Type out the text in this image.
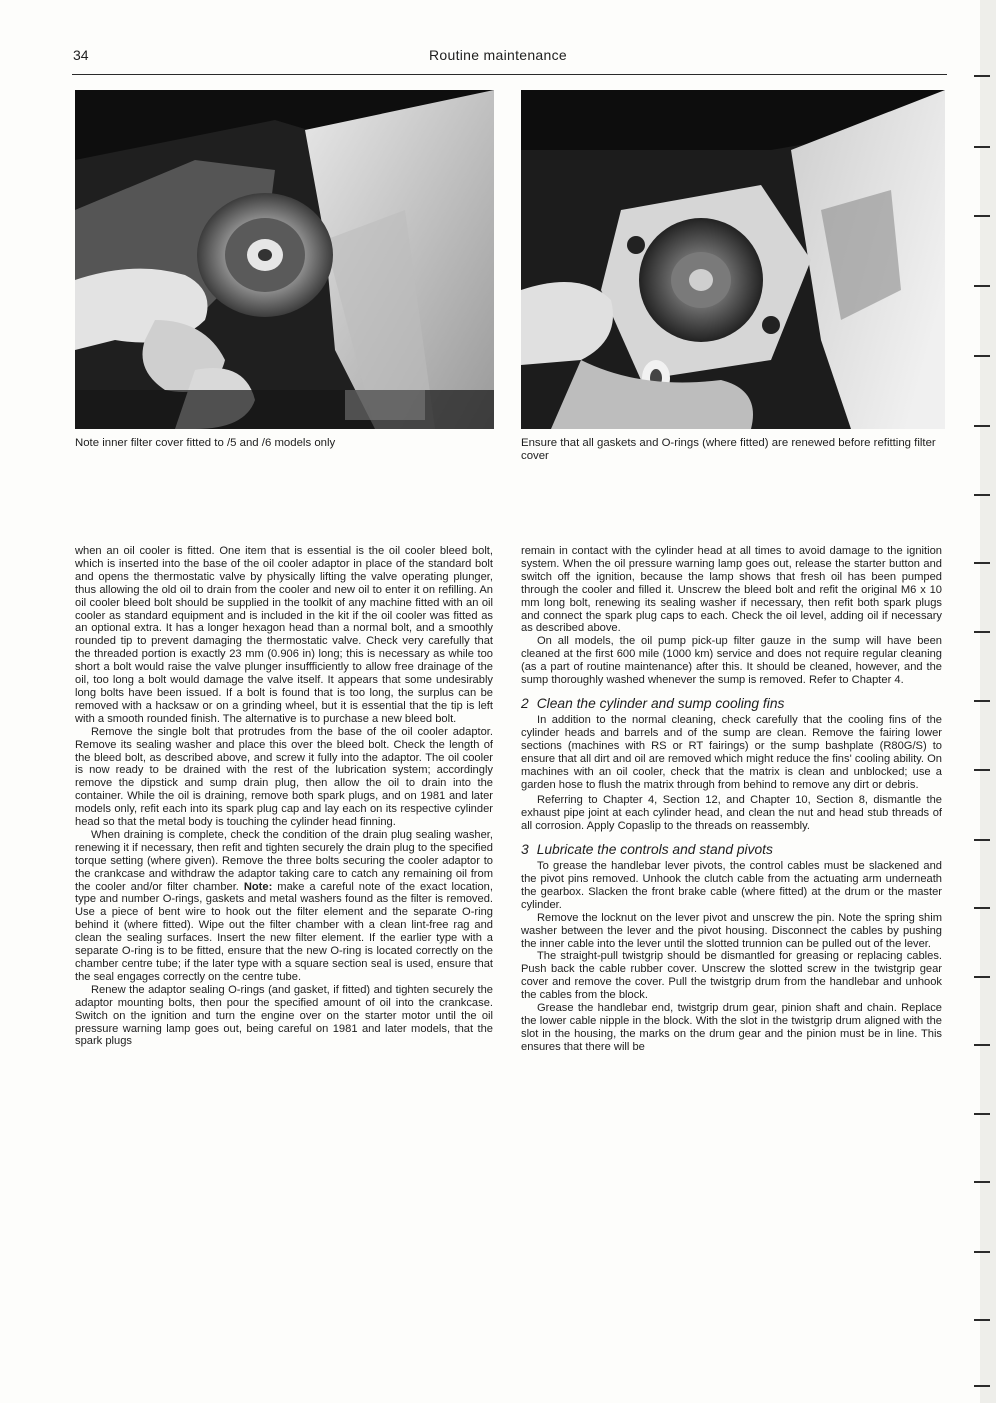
34	Routine maintenance
Note inner filter cover fitted to /5 and /6 models only	Ensure that all gaskets and O-rings (where fitted) are renewed before refitting filter cover

when an oil cooler is fitted. One item that is essential is the oil cooler bleed bolt, which is inserted into the base of the oil cooler adaptor in place of the standard bolt and opens the thermostatic valve by physically lifting the valve operating plunger, thus allowing the old oil to drain from the cooler and new oil to enter it on refilling. An oil cooler bleed bolt should be supplied in the toolkit of any machine fitted with an oil cooler as standard equipment and is included in the kit if the oil cooler was fitted as an optional extra. It has a longer hexagon head than a normal bolt, and a smoothly rounded tip to prevent damaging the thermostatic valve. Check very carefully that the threaded portion is exactly 23 mm (0.906 in) long; this is necessary as while too short a bolt would raise the valve plunger insuffficiently to allow free drainage of the oil, too long a bolt would damage the valve itself. It appears that some undesirably long bolts have been issued. If a bolt is found that is too long, the surplus can be removed with a hacksaw or on a grinding wheel, but it is essential that the tip is left with a smooth rounded finish. The alternative is to purchase a new bleed bolt.

Remove the single bolt that protrudes from the base of the oil cooler adaptor. Remove its sealing washer and place this over the bleed bolt. Check the length of the bleed bolt, as described above, and screw it fully into the adaptor. The oil cooler is now ready to be drained with the rest of the lubrication system; accordingly remove the dipstick and sump drain plug, then allow the oil to drain into the container. While the oil is draining, remove both spark plugs, and on 1981 and later models only, refit each into its spark plug cap and lay each on its respective cylinder head so that the metal body is touching the cylinder head finning.

When draining is complete, check the condition of the drain plug sealing washer, renewing it if necessary, then refit and tighten securely the drain plug to the specified torque setting (where given). Remove the three bolts securing the cooler adaptor to the crankcase and withdraw the adaptor taking care to catch any remaining oil from the cooler and/or filter chamber. Note: make a careful note of the exact location, type and number O-rings, gaskets and metal washers found as the filter is removed. Use a piece of bent wire to hook out the filter element and the separate O-ring behind it (where fitted). Wipe out the filter chamber with a clean lint-free rag and clean the sealing surfaces. Insert the new filter element. If the earlier type with a separate O-ring is to be fitted, ensure that the new O-ring is located correctly on the chamber centre tube; if the later type with a square section seal is used, ensure that the seal engages correctly on the centre tube.

Renew the adaptor sealing O-rings (and gasket, if fitted) and tighten securely the adaptor mounting bolts, then pour the specified amount of oil into the crankcase. Switch on the ignition and turn the engine over on the starter motor until the oil pressure warning lamp goes out, being careful on 1981 and later models, that the spark plugs

remain in contact with the cylinder head at all times to avoid damage to the ignition system. When the oil pressure warning lamp goes out, release the starter button and switch off the ignition, because the lamp shows that fresh oil has been pumped through the cooler and filled it. Unscrew the bleed bolt and refit the original M6 x 10 mm long bolt, renewing its sealing washer if necessary, then refit both spark plugs and connect the spark plug caps to each. Check the oil level, adding oil if necessary as described above.

On all models, the oil pump pick-up filter gauze in the sump will have been cleaned at the first 600 mile (1000 km) service and does not require regular cleaning (as a part of routine maintenance) after this. It should be cleaned, however, and the sump thoroughly washed whenever the sump is removed. Refer to Chapter 4.

2 Clean the cylinder and sump cooling fins

In addition to the normal cleaning, check carefully that the cooling fins of the cylinder heads and barrels and of the sump are clean. Remove the fairing lower sections (machines with RS or RT fairings) or the sump bashplate (R80G/S) to ensure that all dirt and oil are removed which might reduce the fins' cooling ability. On machines with an oil cooler, check that the matrix is clean and unblocked; use a garden hose to flush the matrix through from behind to remove any dirt or debris.

Referring to Chapter 4, Section 12, and Chapter 10, Section 8, dismantle the exhaust pipe joint at each cylinder head, and clean the nut and head stub threads of all corrosion. Apply Copaslip to the threads on reassembly.

3 Lubricate the controls and stand pivots

To grease the handlebar lever pivots, the control cables must be slackened and the pivot pins removed. Unhook the clutch cable from the actuating arm underneath the gearbox. Slacken the front brake cable (where fitted) at the drum or the master cylinder.

Remove the locknut on the lever pivot and unscrew the pin. Note the spring shim washer between the lever and the pivot housing. Disconnect the cables by pushing the inner cable into the lever until the slotted trunnion can be pulled out of the lever.

The straight-pull twistgrip should be dismantled for greasing or replacing cables. Push back the cable rubber cover. Unscrew the slotted screw in the twistgrip gear cover and remove the cover. Pull the twistgrip drum from the handlebar and unhook the cables from the block.

Grease the handlebar end, twistgrip drum gear, pinion shaft and chain. Replace the lower cable nipple in the block. With the slot in the twistgrip drum aligned with the slot in the housing, the marks on the drum gear and the pinion must be in line. This ensures that there will be
